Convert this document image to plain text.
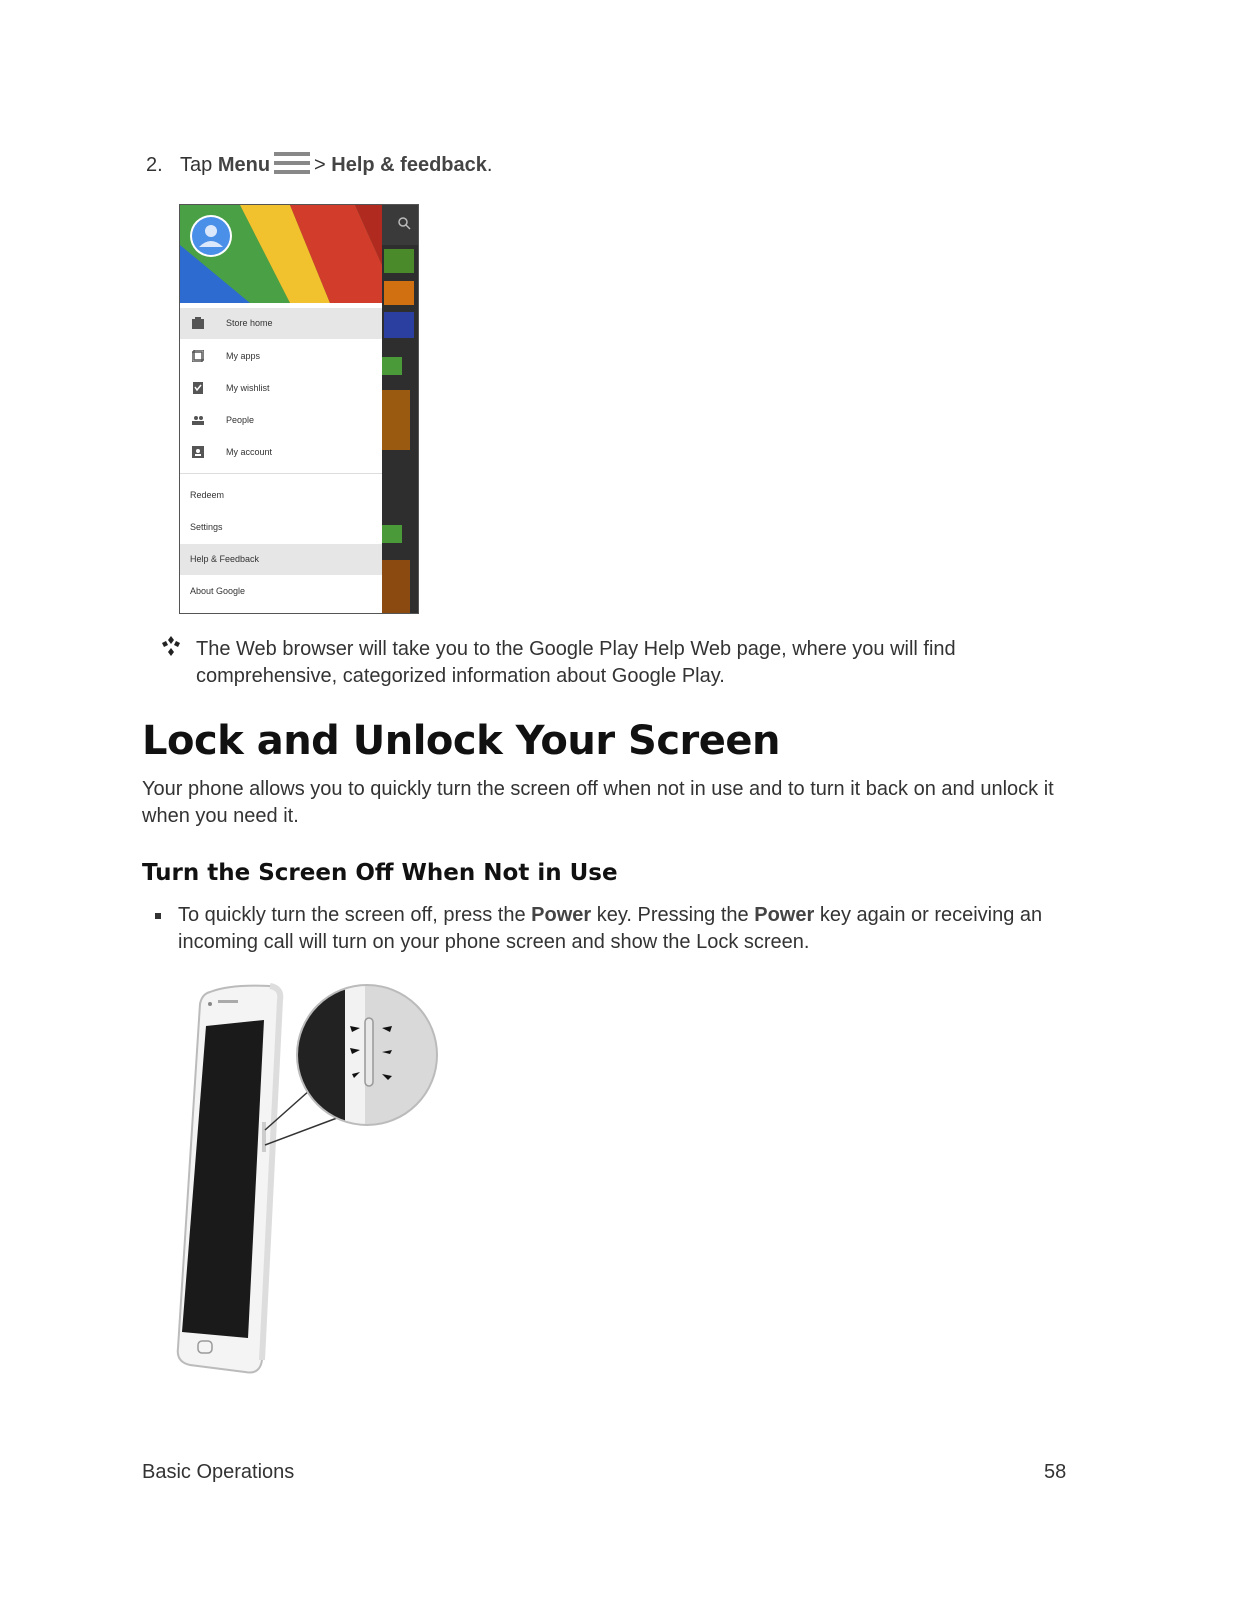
2. Tap Menu > Help & feedback.
Store home
My apps
My wishlist
People
My account
Redeem
Settings
Help & Feedback
About Google
The Web browser will take you to the Google Play Help Web page, where you will find comprehensive, categorized information about Google Play.
Lock and Unlock Your Screen
Your phone allows you to quickly turn the screen off when not in use and to turn it back on and unlock it when you need it.
Turn the Screen Off When Not in Use
To quickly turn the screen off, press the Power key. Pressing the Power key again or receiving an incoming call will turn on your phone screen and show the Lock screen.
Basic Operations	58
